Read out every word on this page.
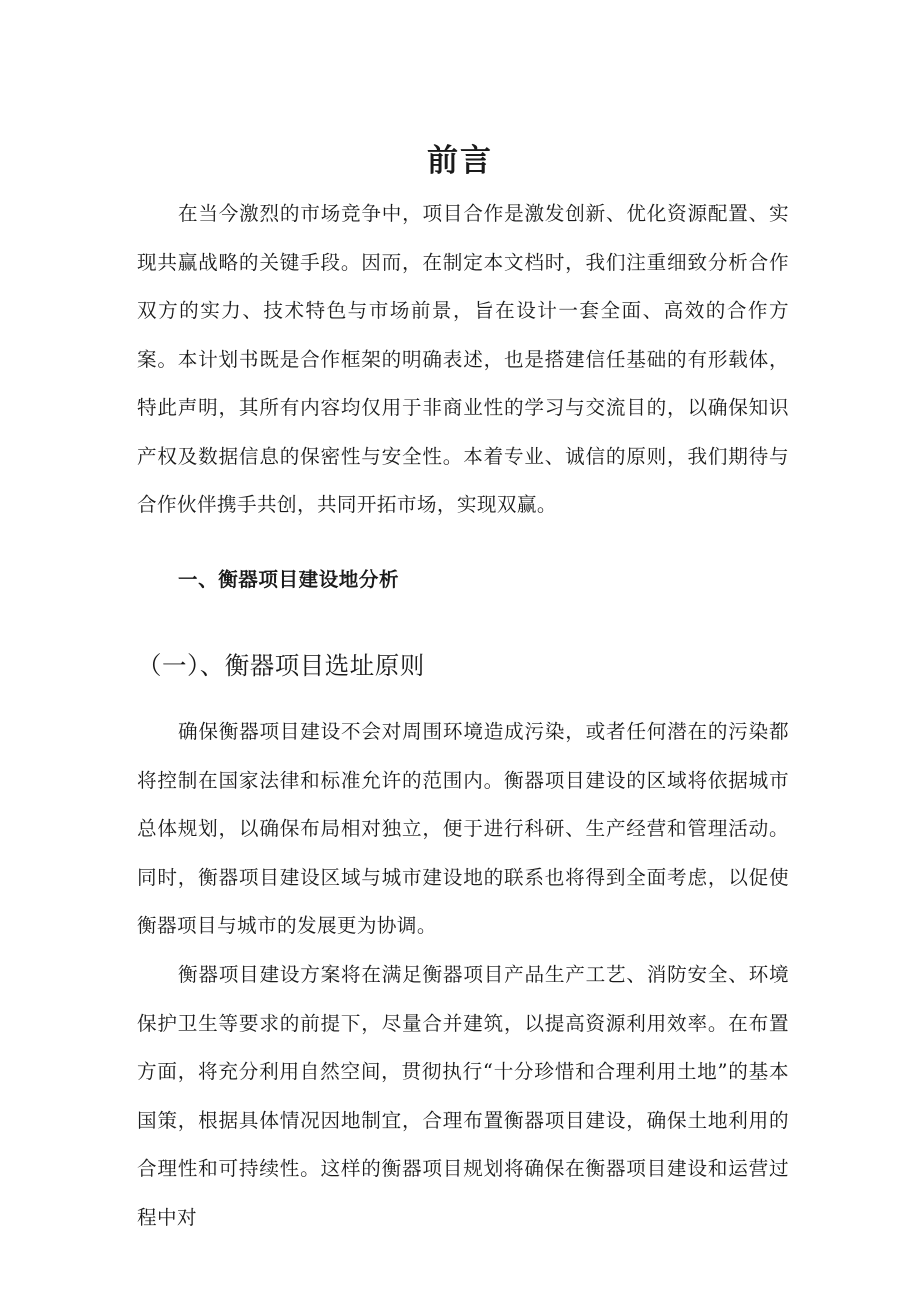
前言

在当今激烈的市场竞争中，项目合作是激发创新、优化资源配置、实现共赢战略的关键手段。因而，在制定本文档时，我们注重细致分析合作双方的实力、技术特色与市场前景，旨在设计一套全面、高效的合作方案。本计划书既是合作框架的明确表述，也是搭建信任基础的有形载体，特此声明，其所有内容均仅用于非商业性的学习与交流目的，以确保知识产权及数据信息的保密性与安全性。本着专业、诚信的原则，我们期待与合作伙伴携手共创，共同开拓市场，实现双赢。

一、衡器项目建设地分析
（一）、衡器项目选址原则

确保衡器项目建设不会对周围环境造成污染，或者任何潜在的污染都将控制在国家法律和标准允许的范围内。衡器项目建设的区域将依据城市总体规划，以确保布局相对独立，便于进行科研、生产经营和管理活动。同时，衡器项目建设区域与城市建设地的联系也将得到全面考虑，以促使衡器项目与城市的发展更为协调。

衡器项目建设方案将在满足衡器项目产品生产工艺、消防安全、环境保护卫生等要求的前提下，尽量合并建筑，以提高资源利用效率。在布置方面，将充分利用自然空间，贯彻执行“十分珍惜和合理利用土地”的基本国策，根据具体情况因地制宜，合理布置衡器项目建设，确保土地利用的合理性和可持续性。这样的衡器项目规划将确保在衡器项目建设和运营过程中对
